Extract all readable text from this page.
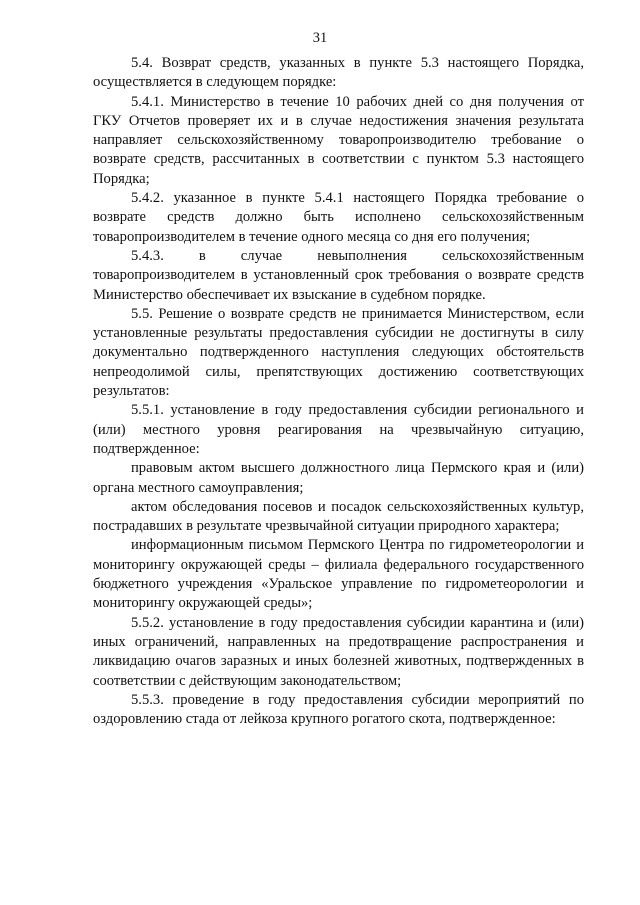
31

5.4. Возврат средств, указанных в пункте 5.3 настоящего Порядка, осуществляется в следующем порядке:

5.4.1. Министерство в течение 10 рабочих дней со дня получения от ГКУ Отчетов проверяет их и в случае недостижения значения результата направляет сельскохозяйственному товаропроизводителю требование о возврате средств, рассчитанных в соответствии с пунктом 5.3 настоящего Порядка;

5.4.2. указанное в пункте 5.4.1 настоящего Порядка требование о возврате средств должно быть исполнено сельскохозяйственным товаропроизводителем в течение одного месяца со дня его получения;

5.4.3. в случае невыполнения сельскохозяйственным товаропроизводителем в установленный срок требования о возврате средств Министерство обеспечивает их взыскание в судебном порядке.

5.5. Решение о возврате средств не принимается Министерством, если установленные результаты предоставления субсидии не достигнуты в силу документально подтвержденного наступления следующих обстоятельств непреодолимой силы, препятствующих достижению соответствующих результатов:

5.5.1. установление в году предоставления субсидии регионального и (или) местного уровня реагирования на чрезвычайную ситуацию, подтвержденное:

правовым актом высшего должностного лица Пермского края и (или) органа местного самоуправления;

актом обследования посевов и посадок сельскохозяйственных культур, пострадавших в результате чрезвычайной ситуации природного характера;

информационным письмом Пермского Центра по гидрометеорологии и мониторингу окружающей среды – филиала федерального государственного бюджетного учреждения «Уральское управление по гидрометеорологии и мониторингу окружающей среды»;

5.5.2. установление в году предоставления субсидии карантина и (или) иных ограничений, направленных на предотвращение распространения и ликвидацию очагов заразных и иных болезней животных, подтвержденных в соответствии с действующим законодательством;

5.5.3. проведение в году предоставления субсидии мероприятий по оздоровлению стада от лейкоза крупного рогатого скота, подтвержденное:
